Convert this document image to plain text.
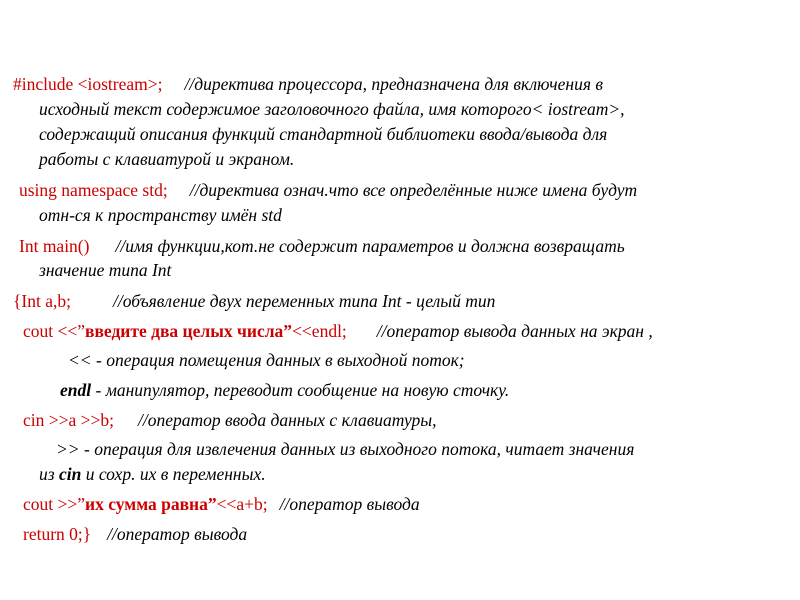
#include <iostream>; //директива процессора, предназначена для включения в
исходный текст содержимое заголовочного файла, имя которого< iostream>,
содержащий описания функций стандартной библиотеки ввода/вывода для
работы с клавиатурой и экраном.
using namespace std; //директива означ.что все определённые ниже имена будут
отн-ся к пространству имён std
Int main() //имя функции,кот.не содержит параметров и должна возвращать
значение типа Int
{Int a,b; //объявление двух переменных типа Int - целый тип
cout <<”введите два целых числа”<<endl; //оператор вывода данных на экран ,
<< - операция помещения данных в выходной поток;
endl - манипулятор, переводит сообщение на новую сточку.
cin >>a >>b; //оператор ввода данных с клавиатуры,
>> - операция для извлечения данных из выходного потока, читает значения
из cin и сохр. их в переменных.
cout >>”их сумма равна”<<a+b; //оператор вывода
return 0;} //оператор вывода
